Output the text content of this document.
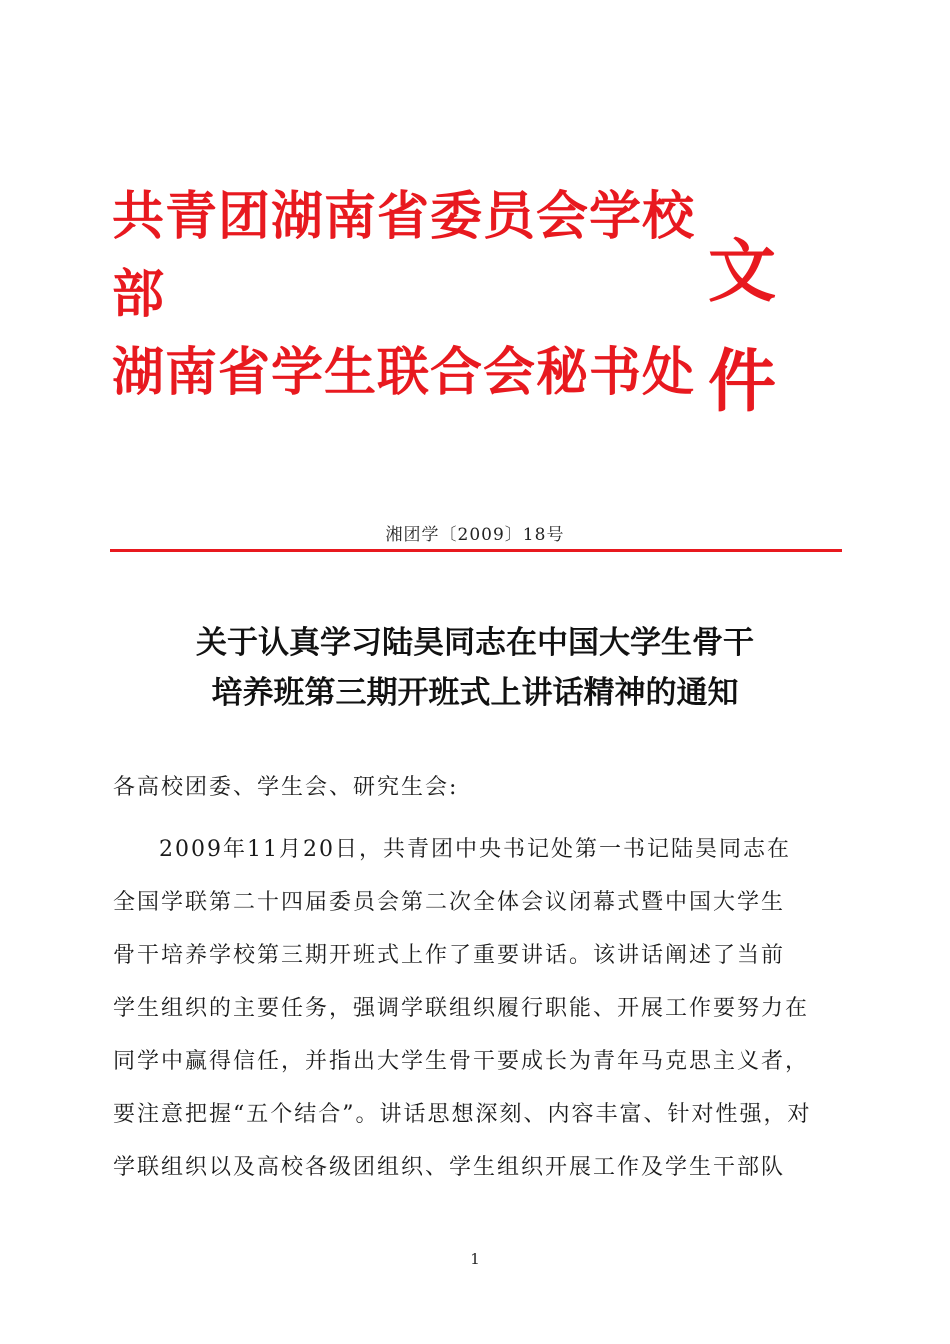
共青团湖南省委员会学校
部
湖南省学生联合会秘书处
文
件
湘团学〔2009〕18号
关于认真学习陆昊同志在中国大学生骨干
培养班第三期开班式上讲话精神的通知
各高校团委、学生会、研究生会:
2009年11月20日，共青团中央书记处第一书记陆昊同志在
全国学联第二十四届委员会第二次全体会议闭幕式暨中国大学生
骨干培养学校第三期开班式上作了重要讲话。该讲话阐述了当前
学生组织的主要任务，强调学联组织履行职能、开展工作要努力在
同学中赢得信任，并指出大学生骨干要成长为青年马克思主义者，
要注意把握“五个结合”。讲话思想深刻、内容丰富、针对性强，对
学联组织以及高校各级团组织、学生组织开展工作及学生干部队
1
